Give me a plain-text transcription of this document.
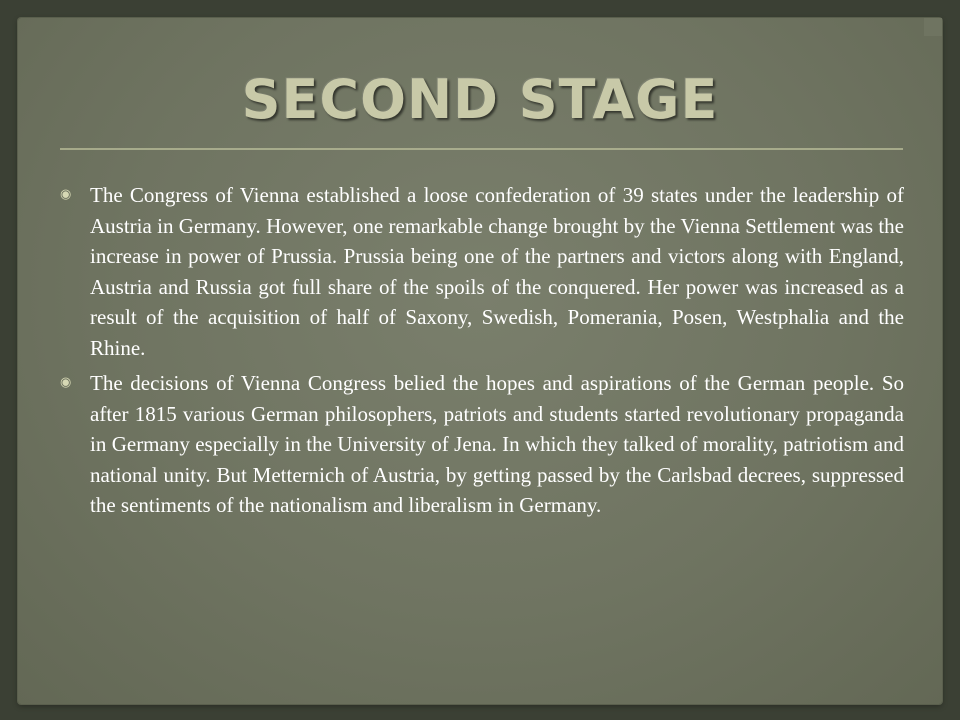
SECOND STAGE
◉ The Congress of Vienna established a loose confederation of 39 states under the leadership of Austria in Germany. However, one remarkable change brought by the Vienna Settlement was the increase in power of Prussia. Prussia being one of the partners and victors along with England, Austria and Russia got full share of the spoils of the conquered. Her power was increased as a result of the acquisition of half of Saxony, Swedish, Pomerania, Posen, Westphalia and the Rhine.
◉ The decisions of Vienna Congress belied the hopes and aspirations of the German people. So after 1815 various German philosophers, patriots and students started revolutionary propaganda in Germany especially in the University of Jena. In which they talked of morality, patriotism and national unity. But Metternich of Austria, by getting passed by the Carlsbad decrees, suppressed the sentiments of the nationalism and liberalism in Germany.
